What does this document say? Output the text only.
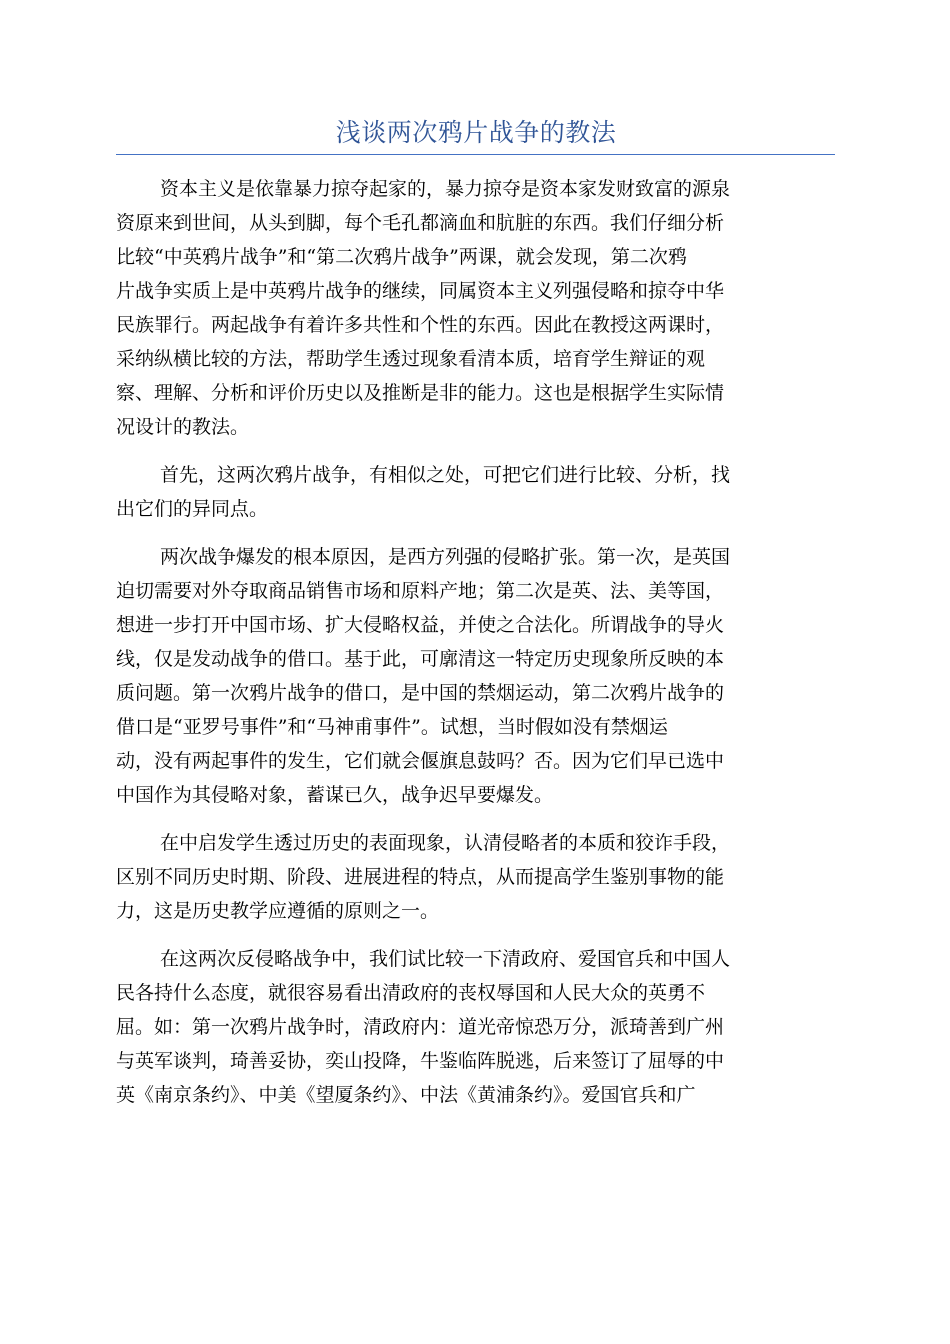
浅谈两次鸦片战争的教法
资本主义是依靠暴力掠夺起家的，暴力掠夺是资本家发财致富的源泉
资原来到世间，从头到脚，每个毛孔都滴血和肮脏的东西。我们仔细分析
比较“中英鸦片战争”和“第二次鸦片战争”两课，就会发现，第二次鸦
片战争实质上是中英鸦片战争的继续，同属资本主义列强侵略和掠夺中华
民族罪行。两起战争有着许多共性和个性的东西。因此在教授这两课时，
采纳纵横比较的方法，帮助学生透过现象看清本质，培育学生辩证的观
察、理解、分析和评价历史以及推断是非的能力。这也是根据学生实际情
况设计的教法。
首先，这两次鸦片战争，有相似之处，可把它们进行比较、分析，找
出它们的异同点。
两次战争爆发的根本原因，是西方列强的侵略扩张。第一次，是英国
迫切需要对外夺取商品销售市场和原料产地；第二次是英、法、美等国，
想进一步打开中国市场、扩大侵略权益，并使之合法化。所谓战争的导火
线，仅是发动战争的借口。基于此，可廓清这一特定历史现象所反映的本
质问题。第一次鸦片战争的借口，是中国的禁烟运动，第二次鸦片战争的
借口是“亚罗号事件”和“马神甫事件”。试想，当时假如没有禁烟运
动，没有两起事件的发生，它们就会偃旗息鼓吗？否。因为它们早已选中
中国作为其侵略对象，蓄谋已久，战争迟早要爆发。
在中启发学生透过历史的表面现象，认清侵略者的本质和狡诈手段，
区别不同历史时期、阶段、进展进程的特点，从而提高学生鉴别事物的能
力，这是历史教学应遵循的原则之一。
在这两次反侵略战争中，我们试比较一下清政府、爱国官兵和中国人
民各持什么态度，就很容易看出清政府的丧权辱国和人民大众的英勇不
屈。如：第一次鸦片战争时，清政府内：道光帝惊恐万分，派琦善到广州
与英军谈判，琦善妥协，奕山投降，牛鉴临阵脱逃，后来签订了屈辱的中
英《南京条约》、中美《望厦条约》、中法《黄浦条约》。爱国官兵和广
